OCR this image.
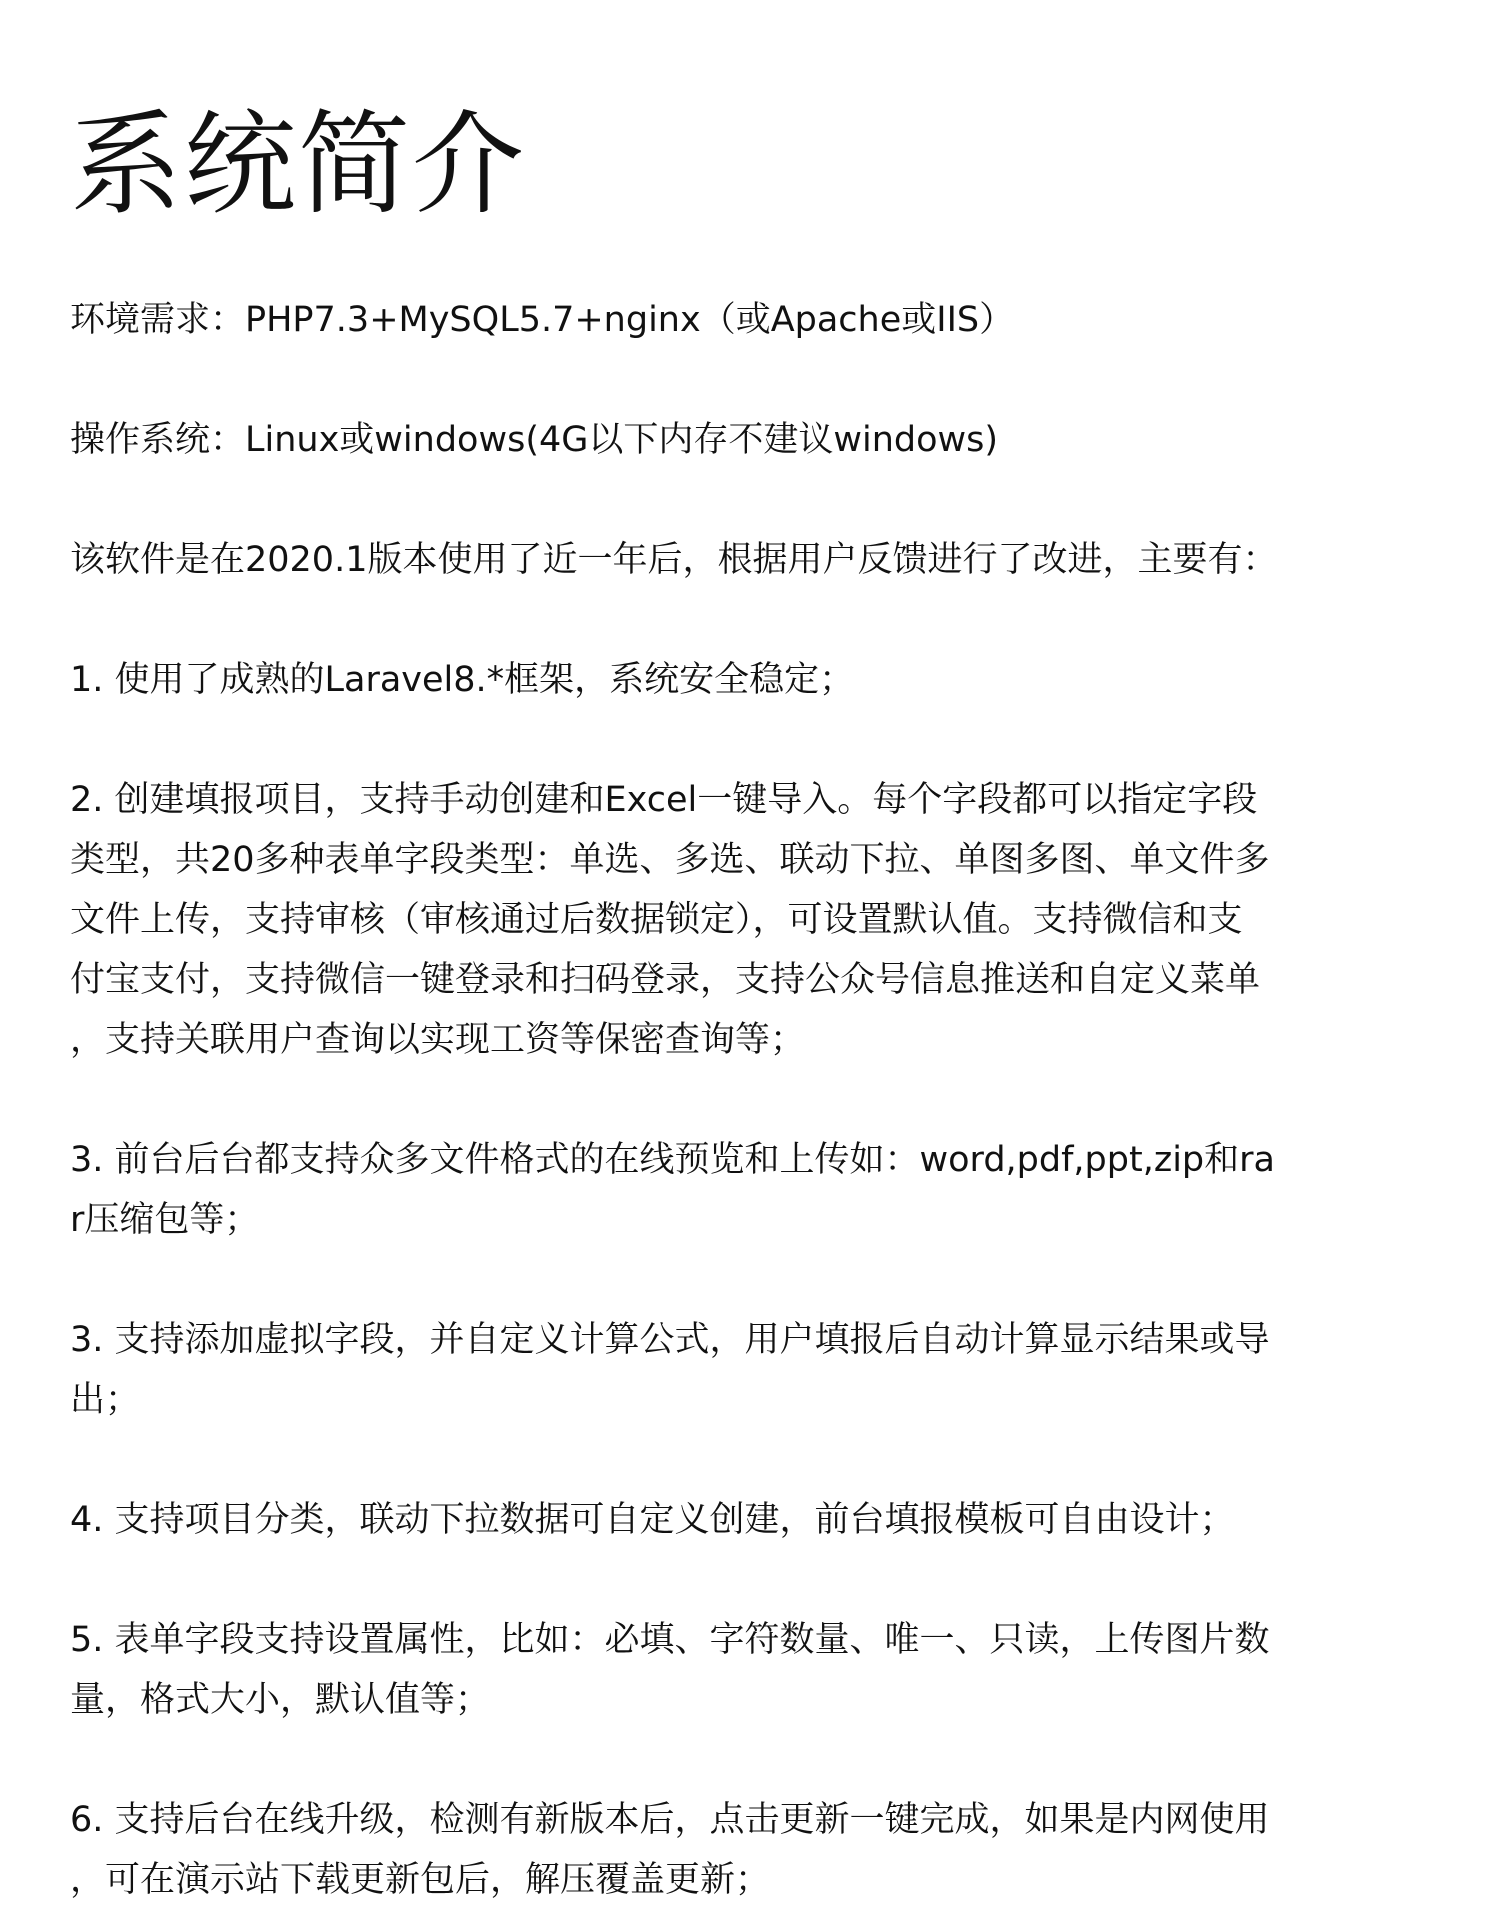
系统简介

环境需求：PHP7.3+MySQL5.7+nginx（或Apache或IIS）

操作系统：Linux或windows(4G以下内存不建议windows)

该软件是在2020.1版本使用了近一年后，根据用户反馈进行了改进，主要有：

1. 使用了成熟的Laravel8.*框架，系统安全稳定；

2. 创建填报项目，支持手动创建和Excel一键导入。每个字段都可以指定字段
类型，共20多种表单字段类型：单选、多选、联动下拉、单图多图、单文件多
文件上传，支持审核（审核通过后数据锁定），可设置默认值。支持微信和支
付宝支付，支持微信一键登录和扫码登录，支持公众号信息推送和自定义菜单
，支持关联用户查询以实现工资等保密查询等；

3. 前台后台都支持众多文件格式的在线预览和上传如：word,pdf,ppt,zip和ra
r压缩包等；

3. 支持添加虚拟字段，并自定义计算公式，用户填报后自动计算显示结果或导
出；

4. 支持项目分类，联动下拉数据可自定义创建，前台填报模板可自由设计；

5. 表单字段支持设置属性，比如：必填、字符数量、唯一、只读，上传图片数
量，格式大小，默认值等；

6. 支持后台在线升级，检测有新版本后，点击更新一键完成，如果是内网使用
，可在演示站下载更新包后，解压覆盖更新；
